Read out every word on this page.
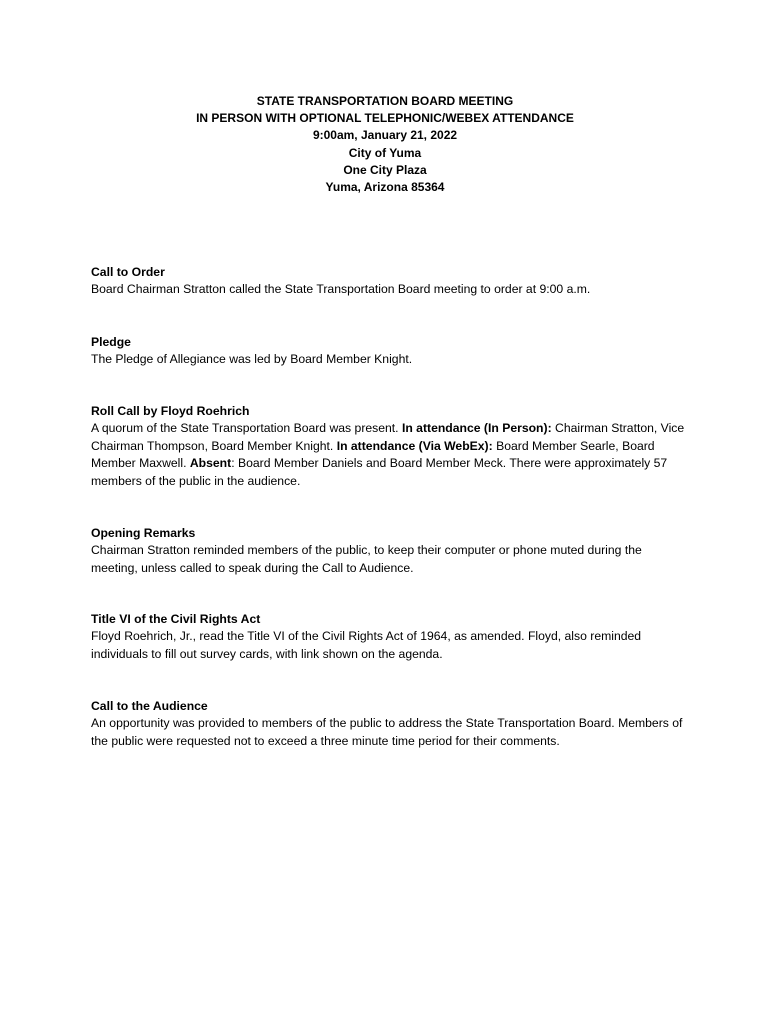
STATE TRANSPORTATION BOARD MEETING
IN PERSON WITH OPTIONAL TELEPHONIC/WEBEX ATTENDANCE
9:00am, January 21, 2022
City of Yuma
One City Plaza
Yuma, Arizona 85364
Call to Order
Board Chairman Stratton called the State Transportation Board meeting to order at 9:00 a.m.
Pledge
The Pledge of Allegiance was led by Board Member Knight.
Roll Call by Floyd Roehrich
A quorum of the State Transportation Board was present. In attendance (In Person): Chairman Stratton, Vice Chairman Thompson, Board Member Knight. In attendance (Via WebEx): Board Member Searle, Board Member Maxwell. Absent: Board Member Daniels and Board Member Meck. There were approximately 57 members of the public in the audience.
Opening Remarks
Chairman Stratton reminded members of the public, to keep their computer or phone muted during the meeting, unless called to speak during the Call to Audience.
Title VI of the Civil Rights Act
Floyd Roehrich, Jr., read the Title VI of the Civil Rights Act of 1964, as amended. Floyd, also reminded individuals to fill out survey cards, with link shown on the agenda.
Call to the Audience
An opportunity was provided to members of the public to address the State Transportation Board. Members of the public were requested not to exceed a three minute time period for their comments.
